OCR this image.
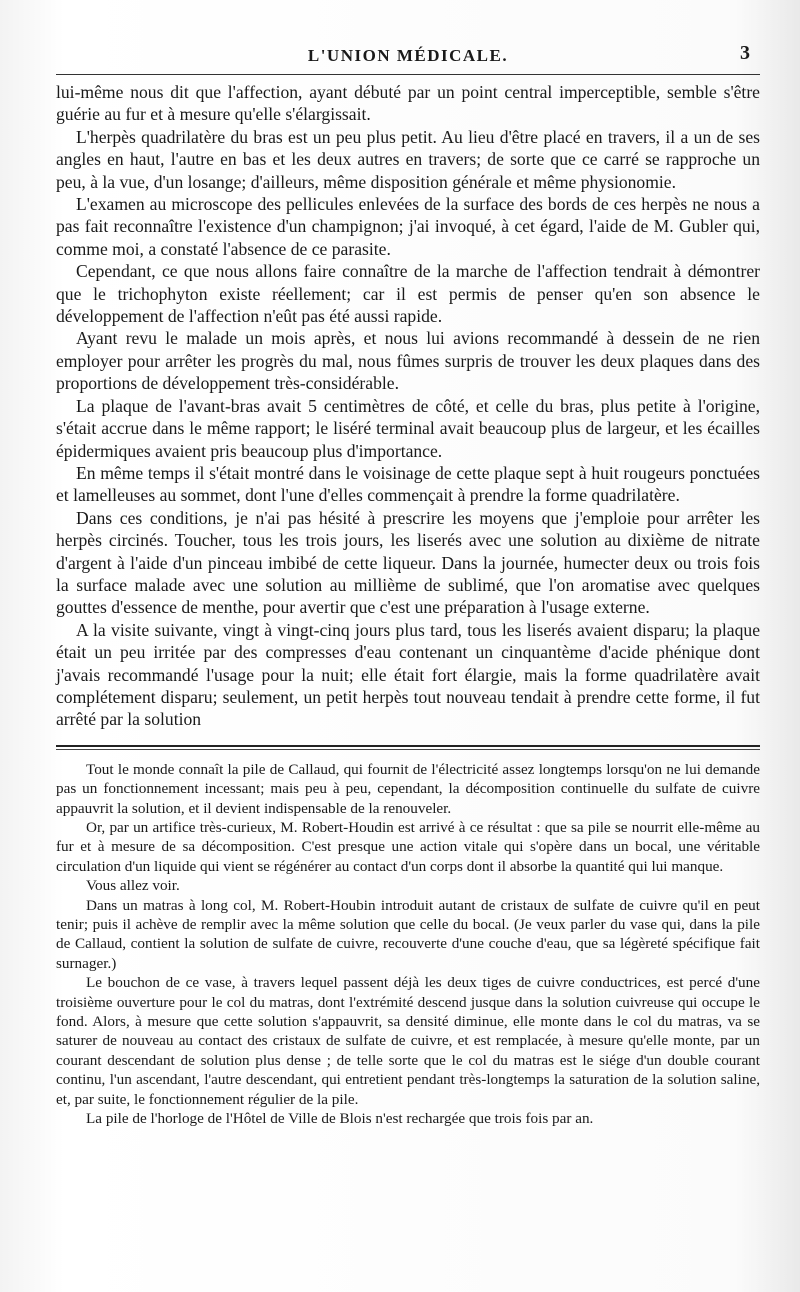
L'UNION MÉDICALE.	3

lui-même nous dit que l'affection, ayant débuté par un point central imperceptible, semble s'être guérie au fur et à mesure qu'elle s'élargissait.

L'herpès quadrilatère du bras est un peu plus petit. Au lieu d'être placé en travers, il a un de ses angles en haut, l'autre en bas et les deux autres en travers; de sorte que ce carré se rapproche un peu, à la vue, d'un losange; d'ailleurs, même disposition générale et même physionomie.

L'examen au microscope des pellicules enlevées de la surface des bords de ces herpès ne nous a pas fait reconnaître l'existence d'un champignon; j'ai invoqué, à cet égard, l'aide de M. Gubler qui, comme moi, a constaté l'absence de ce parasite.

Cependant, ce que nous allons faire connaître de la marche de l'affection tendrait à démontrer que le trichophyton existe réellement; car il est permis de penser qu'en son absence le développement de l'affection n'eût pas été aussi rapide.

Ayant revu le malade un mois après, et nous lui avions recommandé à dessein de ne rien employer pour arrêter les progrès du mal, nous fûmes surpris de trouver les deux plaques dans des proportions de développement très-considérable.

La plaque de l'avant-bras avait 5 centimètres de côté, et celle du bras, plus petite à l'origine, s'était accrue dans le même rapport; le liséré terminal avait beaucoup plus de largeur, et les écailles épidermiques avaient pris beaucoup plus d'importance.

En même temps il s'était montré dans le voisinage de cette plaque sept à huit rougeurs ponctuées et lamelleuses au sommet, dont l'une d'elles commençait à prendre la forme quadrilatère.

Dans ces conditions, je n'ai pas hésité à prescrire les moyens que j'emploie pour arrêter les herpès circinés. Toucher, tous les trois jours, les liserés avec une solution au dixième de nitrate d'argent à l'aide d'un pinceau imbibé de cette liqueur. Dans la journée, humecter deux ou trois fois la surface malade avec une solution au millième de sublimé, que l'on aromatise avec quelques gouttes d'essence de menthe, pour avertir que c'est une préparation à l'usage externe.

A la visite suivante, vingt à vingt-cinq jours plus tard, tous les liserés avaient disparu; la plaque était un peu irritée par des compresses d'eau contenant un cinquantème d'acide phénique dont j'avais recommandé l'usage pour la nuit; elle était fort élargie, mais la forme quadrilatère avait complétement disparu; seulement, un petit herpès tout nouveau tendait à prendre cette forme, il fut arrêté par la solution

Tout le monde connaît la pile de Callaud, qui fournit de l'électricité assez longtemps lorsqu'on ne lui demande pas un fonctionnement incessant; mais peu à peu, cependant, la décomposition continuelle du sulfate de cuivre appauvrit la solution, et il devient indispensable de la renouveler.

Or, par un artifice très-curieux, M. Robert-Houdin est arrivé à ce résultat : que sa pile se nourrit elle-même au fur et à mesure de sa décomposition. C'est presque une action vitale qui s'opère dans un bocal, une véritable circulation d'un liquide qui vient se régénérer au contact d'un corps dont il absorbe la quantité qui lui manque.

Vous allez voir.

Dans un matras à long col, M. Robert-Houbin introduit autant de cristaux de sulfate de cuivre qu'il en peut tenir; puis il achève de remplir avec la même solution que celle du bocal. (Je veux parler du vase qui, dans la pile de Callaud, contient la solution de sulfate de cuivre, recouverte d'une couche d'eau, que sa légèreté spécifique fait surnager.)

Le bouchon de ce vase, à travers lequel passent déjà les deux tiges de cuivre conductrices, est percé d'une troisième ouverture pour le col du matras, dont l'extrémité descend jusque dans la solution cuivreuse qui occupe le fond. Alors, à mesure que cette solution s'appauvrit, sa densité diminue, elle monte dans le col du matras, va se saturer de nouveau au contact des cristaux de sulfate de cuivre, et est remplacée, à mesure qu'elle monte, par un courant descendant de solution plus dense ; de telle sorte que le col du matras est le siége d'un double courant continu, l'un ascendant, l'autre descendant, qui entretient pendant très-longtemps la saturation de la solution saline, et, par suite, le fonctionnement régulier de la pile.

La pile de l'horloge de l'Hôtel de Ville de Blois n'est rechargée que trois fois par an.
